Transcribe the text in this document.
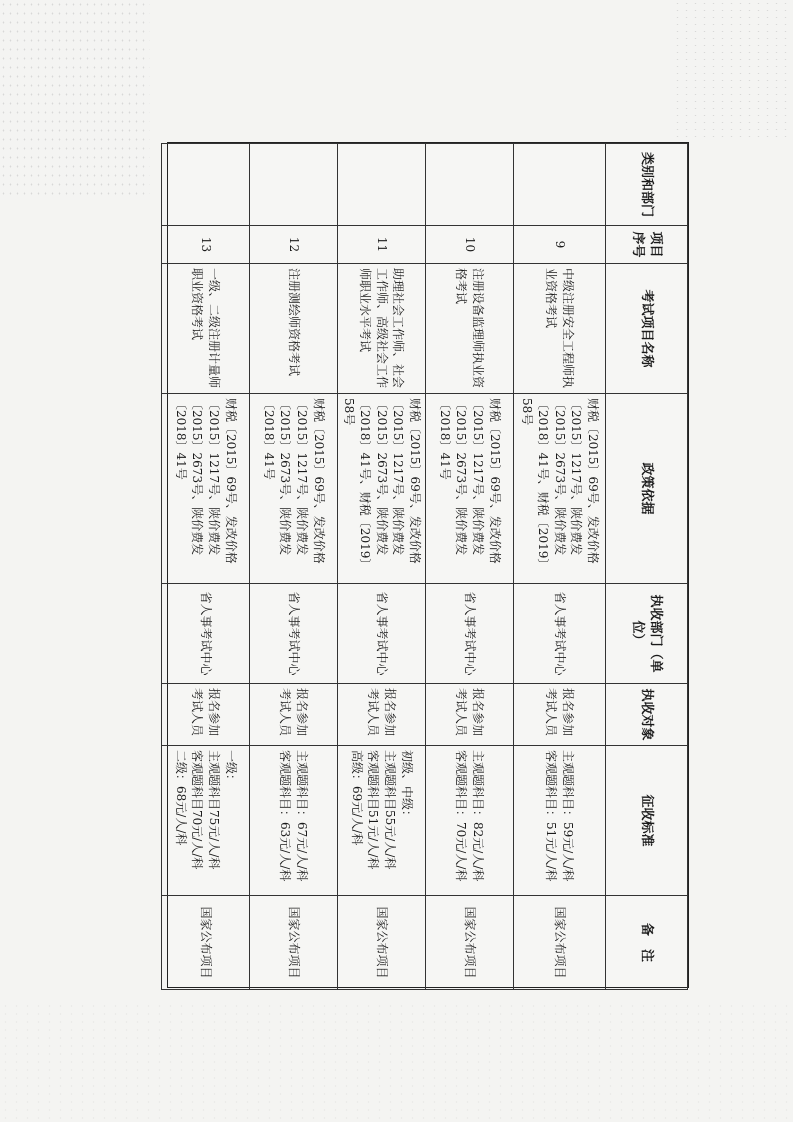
类别和部门	项目序号	考试项目名称	政策依据	执收部门（单位）	执收对象	征收标准	备　注
	9	中级注册安全工程师执业资格考试	财税〔2015〕69号、发改价格〔2015〕1217号、陕价费发〔2015〕2673号、陕价费发〔2018〕41号、财税〔2019〕58号	省人事考试中心	报名参加考试人员	主观题科目：59元/人/科
客观题科目：51元/人/科	国家公布项目
	10	注册设备监理师执业资格考试	财税〔2015〕69号、发改价格〔2015〕1217号、陕价费发〔2015〕2673号、陕价费发〔2018〕41号	省人事考试中心	报名参加考试人员	主观题科目：82元/人/科
客观题科目：70元/人/科	国家公布项目
	11	助理社会工作师、社会工作师、高级社会工作师职业水平考试	财税〔2015〕69号、发改价格〔2015〕1217号、陕价费发〔2015〕2673号、陕价费发〔2018〕41号、财税〔2019〕58号	省人事考试中心	报名参加考试人员	初级、中级：
主观题科目55元/人/科
客观题科目51元/人/科
高级：69元/人/科	国家公布项目
	12	注册测绘师资格考试	财税〔2015〕69号、发改价格〔2015〕1217号、陕价费发〔2015〕2673号、陕价费发〔2018〕41号	省人事考试中心	报名参加考试人员	主观题科目：67元/人/科
客观题科目：63元/人/科	国家公布项目
	13	一级、二级注册计量师职业资格考试	财税〔2015〕69号、发改价格〔2015〕1217号、陕价费发〔2015〕2673号、陕价费发〔2018〕41号	省人事考试中心	报名参加考试人员	一级：
主观题科目75元/人/科
客观题科目70元/人/科
二级：68元/人/科	国家公布项目
